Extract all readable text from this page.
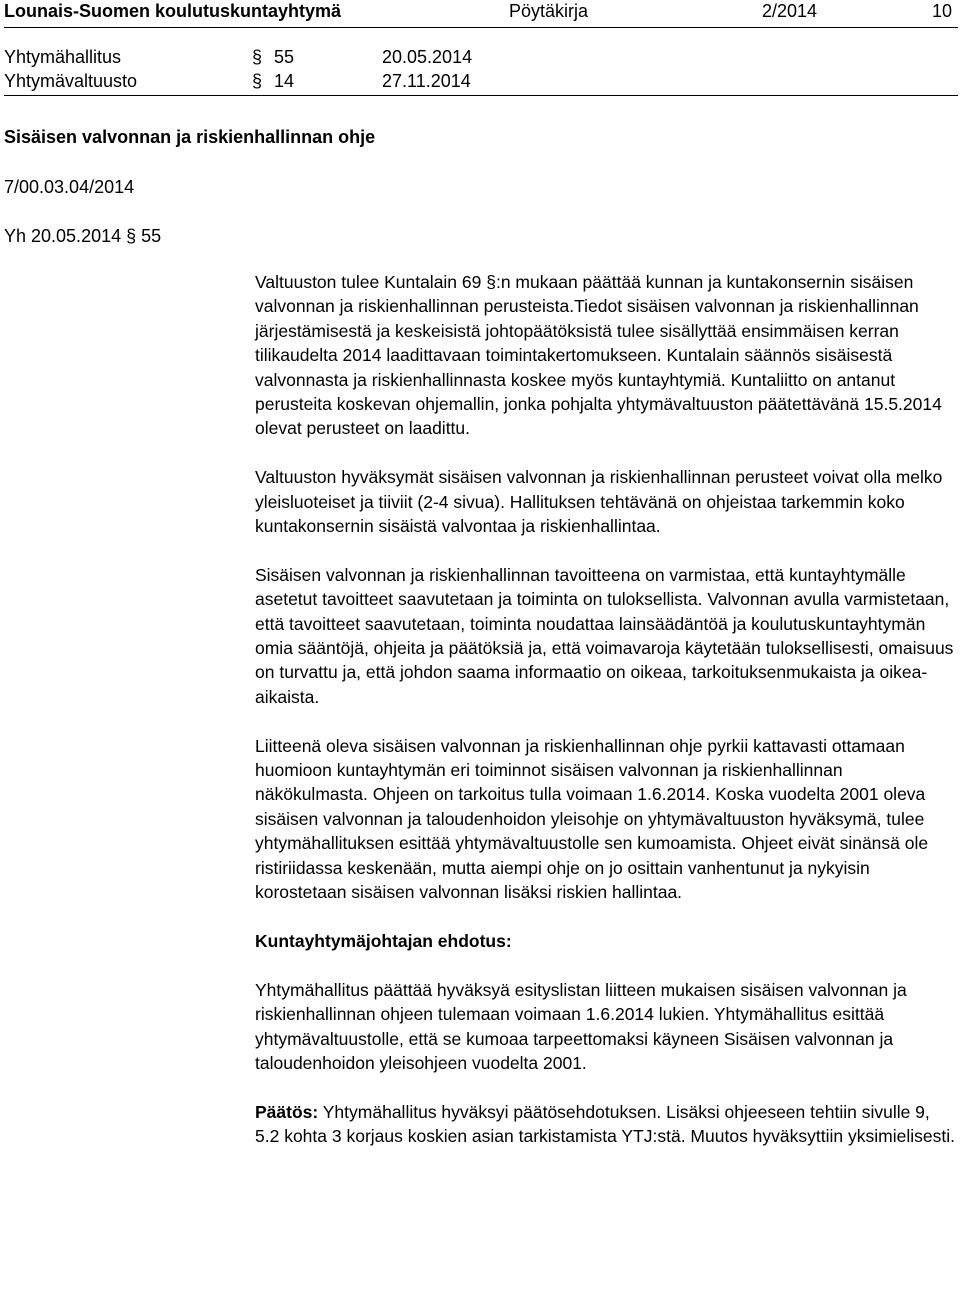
Lounais-Suomen koulutuskuntayhtymä	Pöytäkirja	2/2014	10
Yhtymähallitus	§ 55	20.05.2014
Yhtymävaltuusto	§ 14	27.11.2014
Sisäisen valvonnan ja riskienhallinnan ohje
7/00.03.04/2014
Yh 20.05.2014 § 55

Valtuuston tulee Kuntalain 69 §:n mukaan päättää kunnan ja kuntakonsernin sisäisen valvonnan ja riskienhallinnan perusteista.Tiedot sisäisen valvonnan ja riskienhallinnan järjestämisestä ja keskeisistä johtopäätöksistä tulee sisällyttää ensimmäisen kerran tilikaudelta 2014 laadittavaan toimintakertomukseen. Kuntalain säännös sisäisestä valvonnasta ja riskienhallinnasta koskee myös kuntayhtymiä. Kuntaliitto on antanut perusteita koskevan ohjemallin, jonka pohjalta yhtymävaltuuston päätettävänä 15.5.2014 olevat perusteet on laadittu.

Valtuuston hyväksymät sisäisen valvonnan ja riskienhallinnan perusteet voivat olla melko yleisluoteiset ja tiiviit (2-4 sivua). Hallituksen tehtävänä on ohjeistaa tarkemmin koko kuntakonsernin sisäistä valvontaa ja riskienhallintaa.

Sisäisen valvonnan ja riskienhallinnan tavoitteena on varmistaa, että kuntayhtymälle asetetut tavoitteet saavutetaan ja toiminta on tuloksellista. Valvonnan avulla varmistetaan, että tavoitteet saavutetaan, toiminta noudattaa lainsäädäntöä ja koulutuskuntayhtymän omia sääntöjä, ohjeita ja päätöksiä ja, että voimavaroja käytetään tuloksellisesti, omaisuus on turvattu ja, että johdon saama informaatio on oikeaa, tarkoituksenmukaista ja oikea-aikaista.

Liitteenä oleva sisäisen valvonnan ja riskienhallinnan ohje pyrkii kattavasti ottamaan huomioon kuntayhtymän eri toiminnot sisäisen valvonnan ja riskienhallinnan näkökulmasta. Ohjeen on tarkoitus tulla voimaan 1.6.2014. Koska vuodelta 2001 oleva sisäisen valvonnan ja taloudenhoidon yleisohje on yhtymävaltuuston hyväksymä, tulee yhtymähallituksen esittää yhtymävaltuustolle sen kumoamista. Ohjeet eivät sinänsä ole ristiriidassa keskenään, mutta aiempi ohje on jo osittain vanhentunut ja nykyisin korostetaan sisäisen valvonnan lisäksi riskien hallintaa.

Kuntayhtymäjohtajan ehdotus:

Yhtymähallitus päättää hyväksyä esityslistan liitteen mukaisen sisäisen valvonnan ja riskienhallinnan ohjeen tulemaan voimaan 1.6.2014 lukien. Yhtymähallitus esittää yhtymävaltuustolle, että se kumoaa tarpeettomaksi käyneen Sisäisen valvonnan ja taloudenhoidon yleisohjeen vuodelta 2001.

Päätös: Yhtymähallitus hyväksyi päätösehdotuksen. Lisäksi ohjeeseen tehtiin sivulle 9, 5.2 kohta 3 korjaus koskien asian tarkistamista YTJ:stä. Muutos hyväksyttiin yksimielisesti.
